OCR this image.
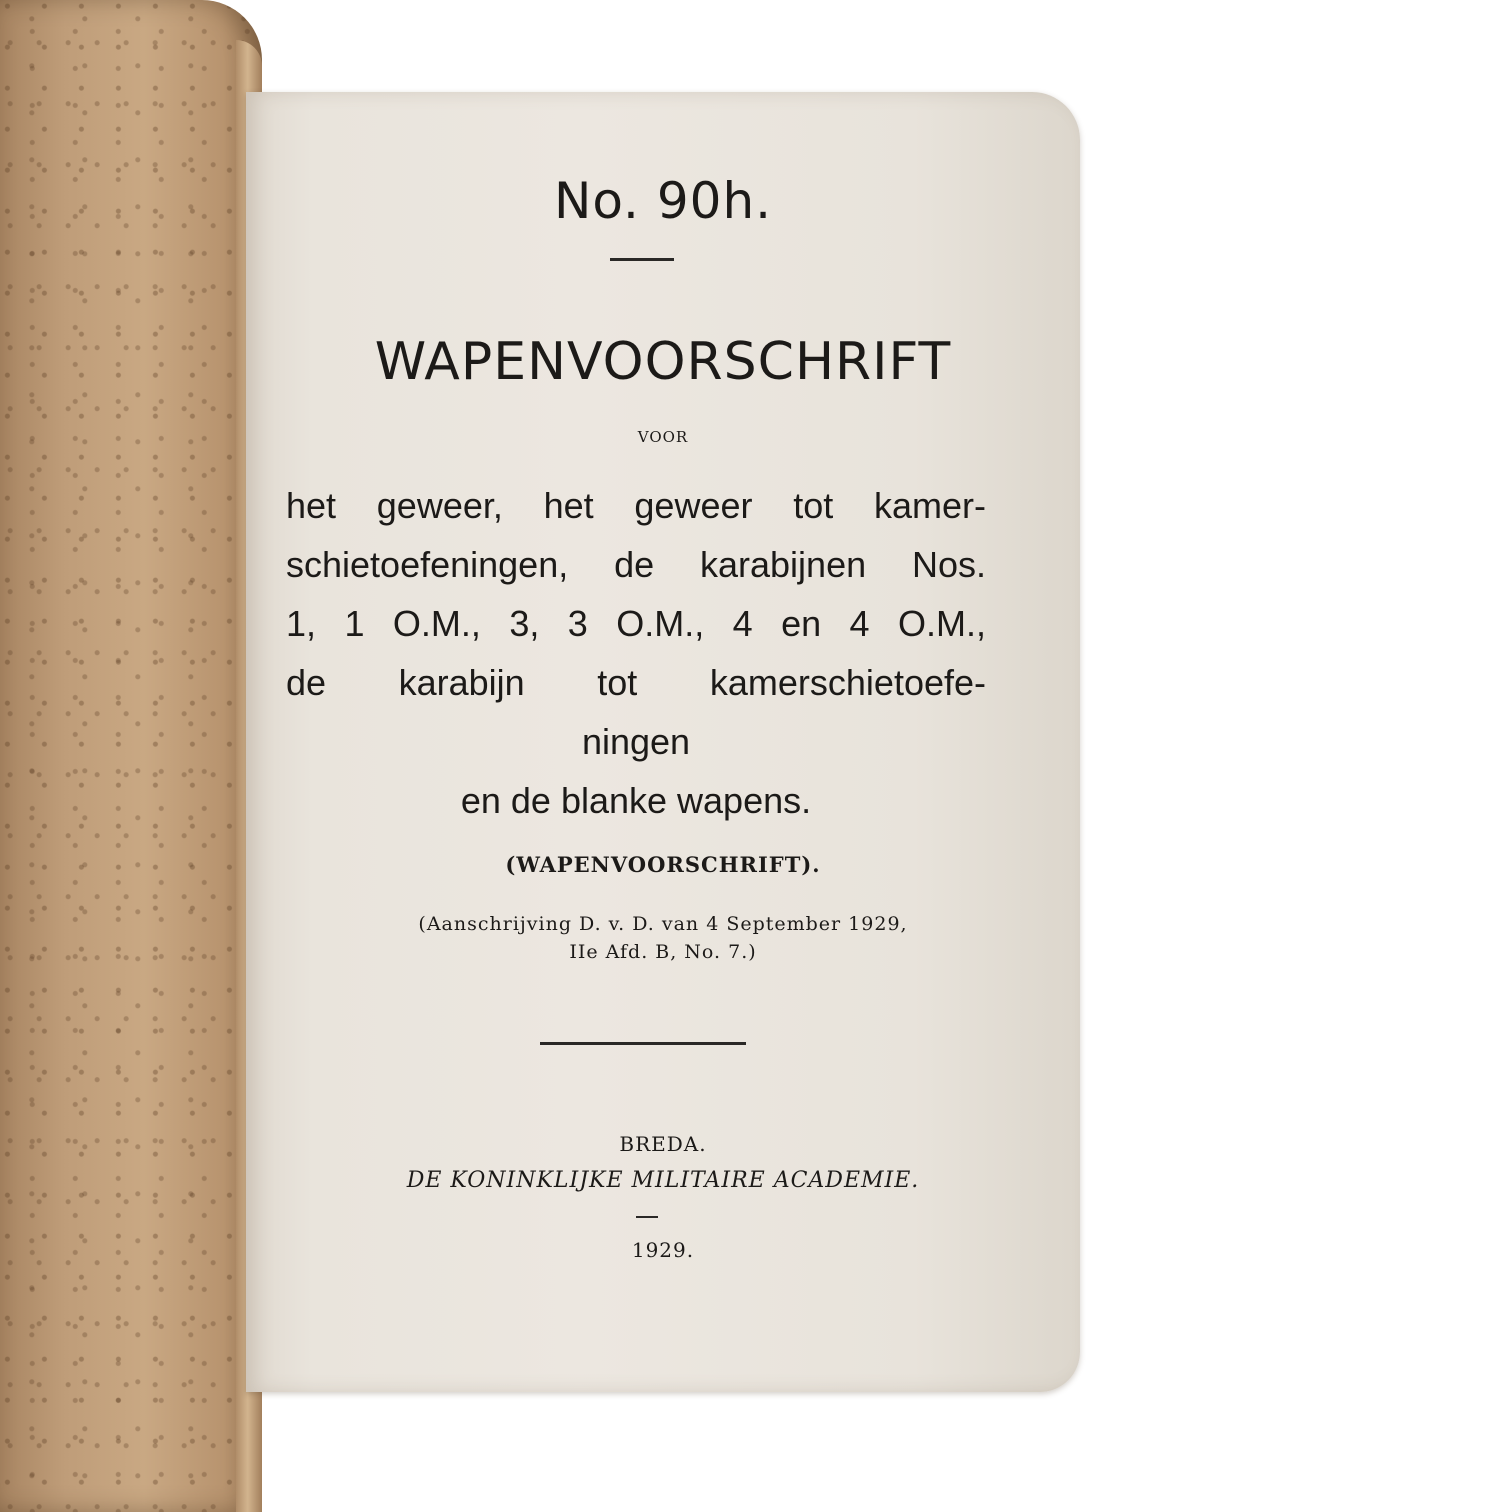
No. 90h.
WAPENVOORSCHRIFT
VOOR
het geweer, het geweer tot kamer-
schietoefeningen, de karabijnen Nos.
1, 1 O.M., 3, 3 O.M., 4 en 4 O.M.,
de karabijn tot kamerschietoefe-
ningen
en de blanke wapens.
(WAPENVOORSCHRIFT).
(Aanschrijving D. v. D. van 4 September 1929,
IIe Afd. B, No. 7.)
BREDA.
DE KONINKLIJKE MILITAIRE ACADEMIE.
1929.
